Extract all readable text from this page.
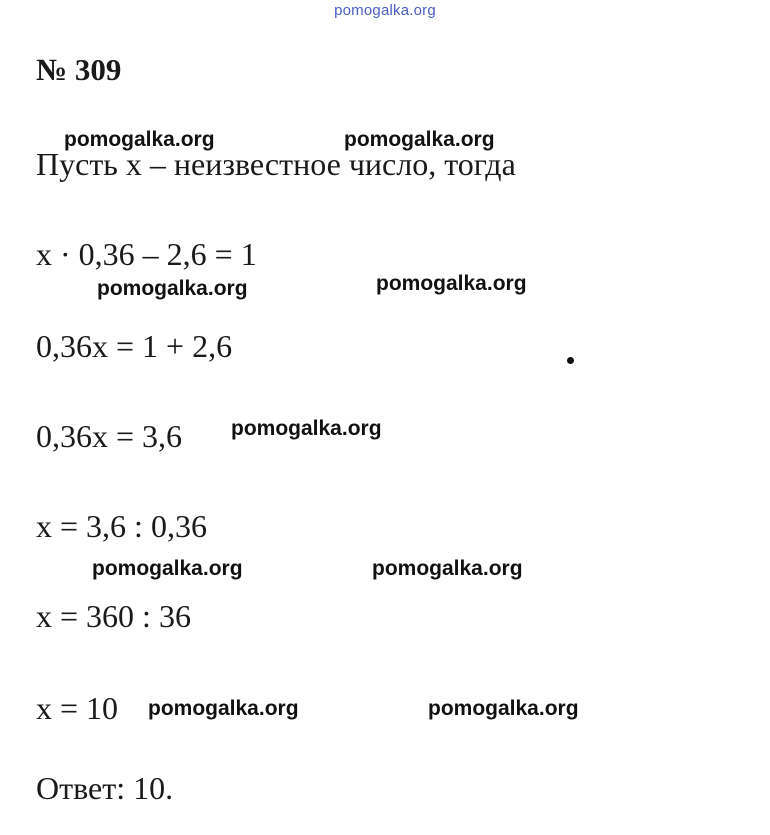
pomogalka.org
№ 309
Пусть x – неизвестное число, тогда
x · 0,36 – 2,6 = 1
0,36x = 1 + 2,6
0,36x = 3,6
x = 3,6 : 0,36
x = 360 : 36
x = 10
Ответ: 10.
pomogalka.org	pomogalka.org
pomogalka.org	pomogalka.org
pomogalka.org
pomogalka.org	pomogalka.org
pomogalka.org	pomogalka.org
